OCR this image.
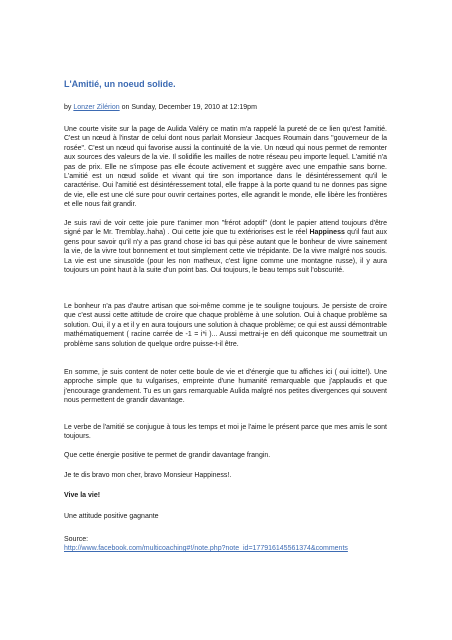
L'Amitié, un noeud solide.

by Lonzer Zilérion on Sunday, December 19, 2010 at 12:19pm

Une courte visite sur la page de Aulida Valéry ce matin m'a rappelé la pureté de ce lien qu'est l'amitié. C'est un nœud à l'instar de celui dont nous parlait Monsieur Jacques Roumain dans "gouverneur de la rosée". C'est un nœud qui favorise aussi la continuité de la vie. Un nœud qui nous permet de remonter aux sources des valeurs de la vie. Il solidifie les mailles de notre réseau peu importe lequel. L'amitié n'a pas de prix. Elle ne s'impose pas elle écoute activement et suggère avec une empathie sans borne. L'amitié est un nœud solide et vivant qui tire son importance dans le désintéressement qu'il le caractérise. Oui l'amitié est désintéressement total, elle frappe à la porte quand tu ne donnes pas signe de vie, elle est une clé sure pour ouvrir certaines portes, elle agrandit le monde, elle libère les frontières et elle nous fait grandir.

Je suis ravi de voir cette joie pure t'animer mon "frérot adoptif" (dont le papier attend toujours d'être signé par le Mr. Tremblay..haha) . Oui cette joie que tu extériorises est le réel Happiness qu'il faut aux gens pour savoir qu'il n'y a pas grand chose ici bas qui pèse autant que le bonheur de vivre sainement la vie, de la vivre tout bonnement et tout simplement cette vie trépidante. De la vivre malgré nos soucis. La vie est une sinusoïde (pour les non matheux, c'est ligne comme une montagne russe), il y aura toujours un point haut à la suite d'un point bas. Oui toujours, le beau temps suit l'obscurité.

Le bonheur n'a pas d'autre artisan que soi-même comme je te souligne toujours. Je persiste de croire que c'est aussi cette attitude de croire que chaque problème à une solution. Oui à chaque problème sa solution. Oui, il y a et il y en aura toujours une solution à chaque problème; ce qui est aussi démontrable mathématiquement ( racine carrée de -1 = i*i )... Aussi mettrai-je en défi quiconque me soumettrait un problème sans solution de quelque ordre puisse-t-il être.

En somme, je suis content de noter cette boule de vie et d'énergie que tu affiches ici ( oui icitte!). Une approche simple que tu vulgarises, empreinte d'une humanité remarquable que j'applaudis et que j'encourage grandement. Tu es un gars remarquable Aulida malgré nos petites divergences qui souvent nous permettent de grandir davantage.

Le verbe de l'amitié se conjugue à tous les temps et moi je l'aime le présent parce que mes amis le sont toujours.

Que cette énergie positive te permet de grandir davantage frangin.

Je te dis bravo mon cher, bravo Monsieur Happiness!.

Vive la vie!

Une attitude positive gagnante

Source:

http://www.facebook.com/multicoaching#!/note.php?note_id=177916145561374&comments
